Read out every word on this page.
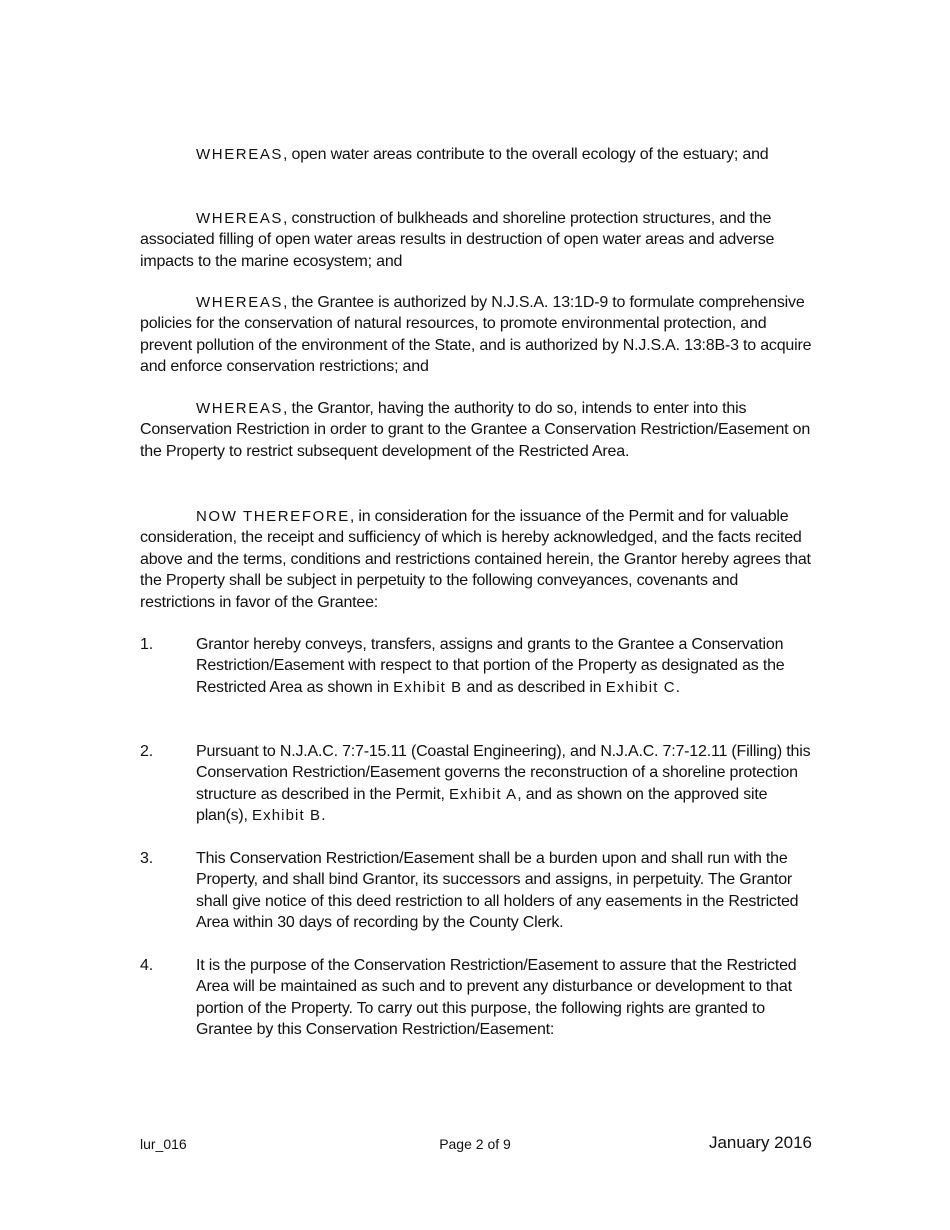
WHEREAS, open water areas contribute to the overall ecology of the estuary; and
WHEREAS, construction of bulkheads and shoreline protection structures, and the associated filling of open water areas results in destruction of open water areas and adverse impacts to the marine ecosystem; and
WHEREAS, the Grantee is authorized by N.J.S.A. 13:1D-9 to formulate comprehensive policies for the conservation of natural resources, to promote environmental protection, and prevent pollution of the environment of the State, and is authorized by N.J.S.A. 13:8B-3 to acquire and enforce conservation restrictions; and
WHEREAS, the Grantor, having the authority to do so, intends to enter into this Conservation Restriction in order to grant to the Grantee a Conservation Restriction/Easement on the Property to restrict subsequent development of the Restricted Area.
NOW THEREFORE, in consideration for the issuance of the Permit and for valuable consideration, the receipt and sufficiency of which is hereby acknowledged, and the facts recited above and the terms, conditions and restrictions contained herein, the Grantor hereby agrees that the Property shall be subject in perpetuity to the following conveyances, covenants and restrictions in favor of the Grantee:
1.	Grantor hereby conveys, transfers, assigns and grants to the Grantee a Conservation Restriction/Easement with respect to that portion of the Property as designated as the Restricted Area as shown in Exhibit B and as described in Exhibit C.
2.	Pursuant to N.J.A.C. 7:7-15.11 (Coastal Engineering), and N.J.A.C. 7:7-12.11 (Filling) this Conservation Restriction/Easement governs the reconstruction of a shoreline protection structure as described in the Permit, Exhibit A, and as shown on the approved site plan(s), Exhibit B.
3.	This Conservation Restriction/Easement shall be a burden upon and shall run with the Property, and shall bind Grantor, its successors and assigns, in perpetuity. The Grantor shall give notice of this deed restriction to all holders of any easements in the Restricted Area within 30 days of recording by the County Clerk.
4.	It is the purpose of the Conservation Restriction/Easement to assure that the Restricted Area will be maintained as such and to prevent any disturbance or development to that portion of the Property. To carry out this purpose, the following rights are granted to Grantee by this Conservation Restriction/Easement:
lur_016	Page 2 of 9	January 2016
